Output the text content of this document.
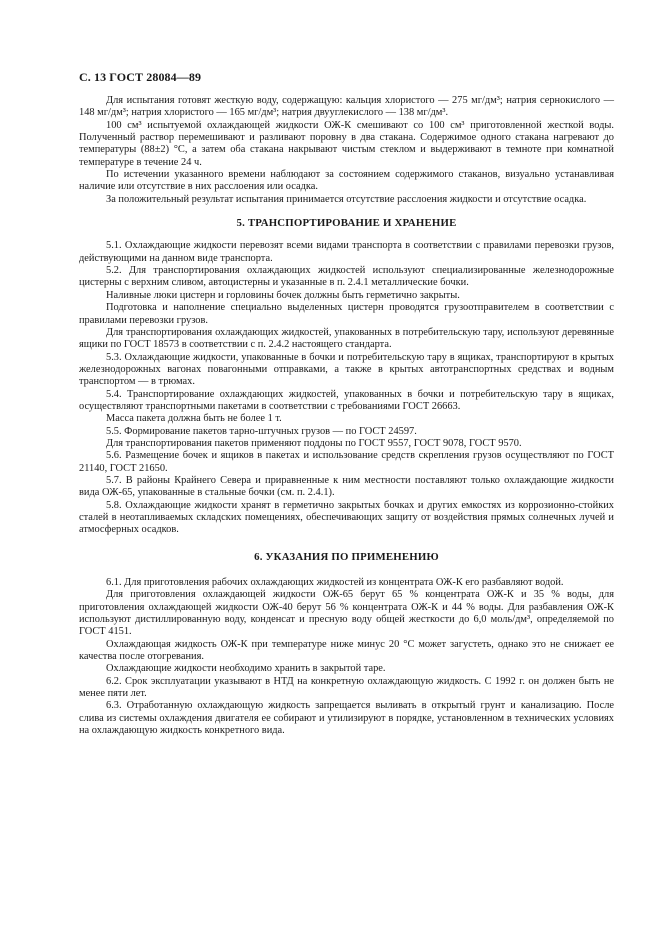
С. 13 ГОСТ 28084—89

Для испытания готовят жесткую воду, содержащую: кальция хлористого — 275 мг/дм³; натрия сернокислого — 148 мг/дм³; натрия хлористого — 165 мг/дм³; натрия двууглекислого — 138 мг/дм³.

100 см³ испытуемой охлаждающей жидкости ОЖ-К смешивают со 100 см³ приготовленной жесткой воды. Полученный раствор перемешивают и разливают поровну в два стакана. Содержимое одного стакана нагревают до температуры (88±2) °С, а затем оба стакана накрывают чистым стеклом и выдерживают в темноте при комнатной температуре в течение 24 ч.

По истечении указанного времени наблюдают за состоянием содержимого стаканов, визуально устанавливая наличие или отсутствие в них расслоения или осадка.

За положительный результат испытания принимается отсутствие расслоения жидкости и отсутствие осадка.

5. ТРАНСПОРТИРОВАНИЕ И ХРАНЕНИЕ

5.1. Охлаждающие жидкости перевозят всеми видами транспорта в соответствии с правилами перевозки грузов, действующими на данном виде транспорта.

5.2. Для транспортирования охлаждающих жидкостей используют специализированные железнодорожные цистерны с верхним сливом, автоцистерны и указанные в п. 2.4.1 металлические бочки.

Наливные люки цистерн и горловины бочек должны быть герметично закрыты.

Подготовка и наполнение специально выделенных цистерн проводятся грузоотправителем в соответствии с правилами перевозки грузов.

Для транспортирования охлаждающих жидкостей, упакованных в потребительскую тару, используют деревянные ящики по ГОСТ 18573 в соответствии с п. 2.4.2 настоящего стандарта.

5.3. Охлаждающие жидкости, упакованные в бочки и потребительскую тару в ящиках, транспортируют в крытых железнодорожных вагонах повагонными отправками, а также в крытых автотранспортных средствах и водным транспортом — в трюмах.

5.4. Транспортирование охлаждающих жидкостей, упакованных в бочки и потребительскую тару в ящиках, осуществляют транспортными пакетами в соответствии с требованиями ГОСТ 26663.

Масса пакета должна быть не более 1 т.

5.5. Формирование пакетов тарно-штучных грузов — по ГОСТ 24597.

Для транспортирования пакетов применяют поддоны по ГОСТ 9557, ГОСТ 9078, ГОСТ 9570.

5.6. Размещение бочек и ящиков в пакетах и использование средств скрепления грузов осуществляют по ГОСТ 21140, ГОСТ 21650.

5.7. В районы Крайнего Севера и приравненные к ним местности поставляют только охлаждающие жидкости вида ОЖ-65, упакованные в стальные бочки (см. п. 2.4.1).

5.8. Охлаждающие жидкости хранят в герметично закрытых бочках и других емкостях из коррозионно-стойких сталей в неотапливаемых складских помещениях, обеспечивающих защиту от воздействия прямых солнечных лучей и атмосферных осадков.

6. УКАЗАНИЯ ПО ПРИМЕНЕНИЮ

6.1. Для приготовления рабочих охлаждающих жидкостей из концентрата ОЖ-К его разбавляют водой.

Для приготовления охлаждающей жидкости ОЖ-65 берут 65 % концентрата ОЖ-К и 35 % воды, для приготовления охлаждающей жидкости ОЖ-40 берут 56 % концентрата ОЖ-К и 44 % воды. Для разбавления ОЖ-К используют дистиллированную воду, конденсат и пресную воду общей жесткости до 6,0 моль/дм³, определяемой по ГОСТ 4151.

Охлаждающая жидкость ОЖ-К при температуре ниже минус 20 °С может загустеть, однако это не снижает ее качества после отогревания.

Охлаждающие жидкости необходимо хранить в закрытой таре.

6.2. Срок эксплуатации указывают в НТД на конкретную охлаждающую жидкость. С 1992 г. он должен быть не менее пяти лет.

6.3. Отработанную охлаждающую жидкость запрещается выливать в открытый грунт и канализацию. После слива из системы охлаждения двигателя ее собирают и утилизируют в порядке, установленном в технических условиях на охлаждающую жидкость конкретного вида.
